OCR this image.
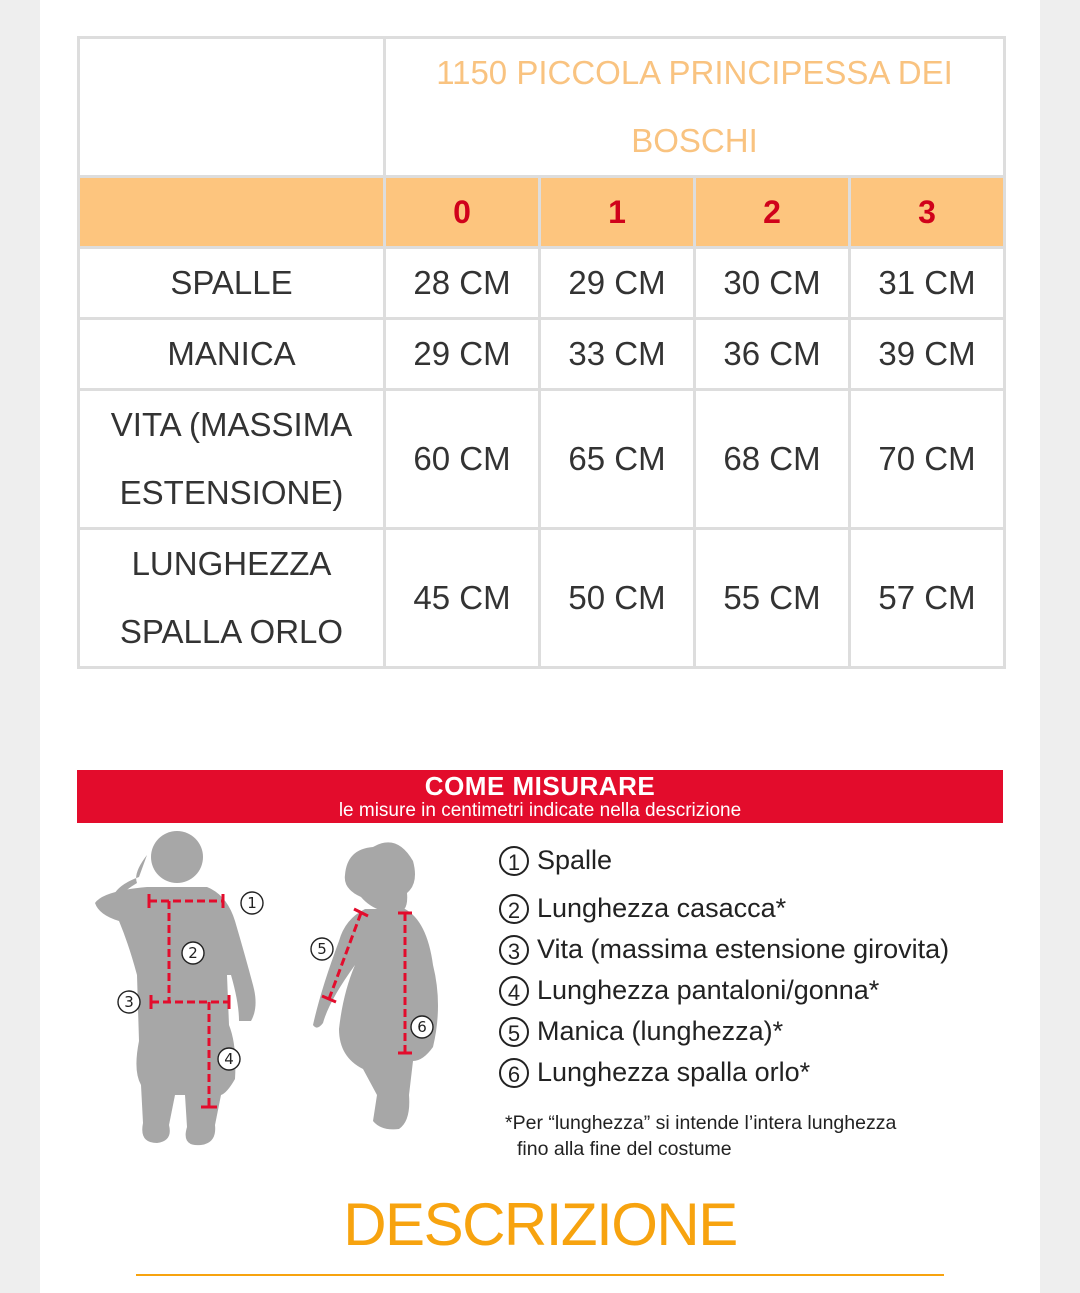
	1150 PICCOLA PRINCIPESSA DEI BOSCHI			
	0	1	2	3
SPALLE	28 CM	29 CM	30 CM	31 CM
MANICA	29 CM	33 CM	36 CM	39 CM
VITA (MASSIMA ESTENSIONE)	60 CM	65 CM	68 CM	70 CM
LUNGHEZZA SPALLA ORLO	45 CM	50 CM	55 CM	57 CM
COME MISURARE
le misure in centimetri indicate nella descrizione
1
2
3
4
5
6
1 Spalle
2 Lunghezza casacca*
3 Vita (massima estensione girovita)
4 Lunghezza pantaloni/gonna*
5 Manica (lunghezza)*
6 Lunghezza spalla orlo*
*Per “lunghezza” si intende l’intera lunghezza
fino alla fine del costume
DESCRIZIONE
